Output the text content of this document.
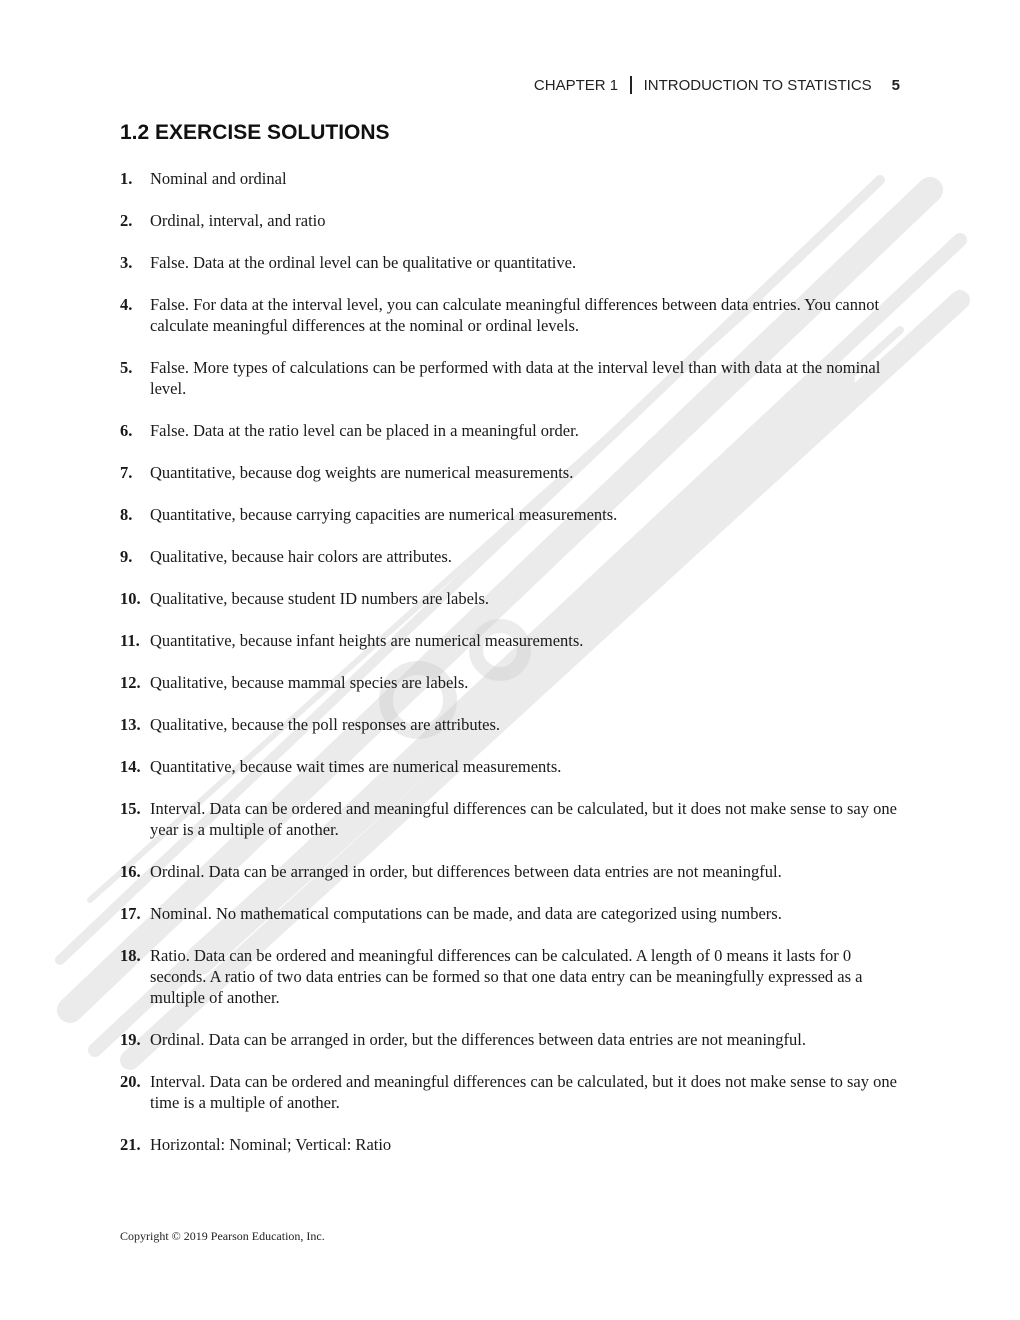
CHAPTER 1 INTRODUCTION TO STATISTICS 5
1.2 EXERCISE SOLUTIONS
1.	Nominal and ordinal
2.	Ordinal, interval, and ratio
3.	False. Data at the ordinal level can be qualitative or quantitative.
4.	False. For data at the interval level, you can calculate meaningful differences between data entries. You cannot calculate meaningful differences at the nominal or ordinal levels.
5.	False. More types of calculations can be performed with data at the interval level than with data at the nominal level.
6.	False. Data at the ratio level can be placed in a meaningful order.
7.	Quantitative, because dog weights are numerical measurements.
8.	Quantitative, because carrying capacities are numerical measurements.
9.	Qualitative, because hair colors are attributes.
10. Qualitative, because student ID numbers are labels.
11. Quantitative, because infant heights are numerical measurements.
12. Qualitative, because mammal species are labels.
13. Qualitative, because the poll responses are attributes.
14. Quantitative, because wait times are numerical measurements.
15. Interval. Data can be ordered and meaningful differences can be calculated, but it does not make sense to say one year is a multiple of another.
16. Ordinal. Data can be arranged in order, but differences between data entries are not meaningful.
17. Nominal. No mathematical computations can be made, and data are categorized using numbers.
18. Ratio. Data can be ordered and meaningful differences can be calculated. A length of 0 means it lasts for 0 seconds. A ratio of two data entries can be formed so that one data entry can be meaningfully expressed as a multiple of another.
19. Ordinal. Data can be arranged in order, but the differences between data entries are not meaningful.
20. Interval. Data can be ordered and meaningful differences can be calculated, but it does not make sense to say one time is a multiple of another.
21. Horizontal: Nominal; Vertical: Ratio
Copyright © 2019 Pearson Education, Inc.
